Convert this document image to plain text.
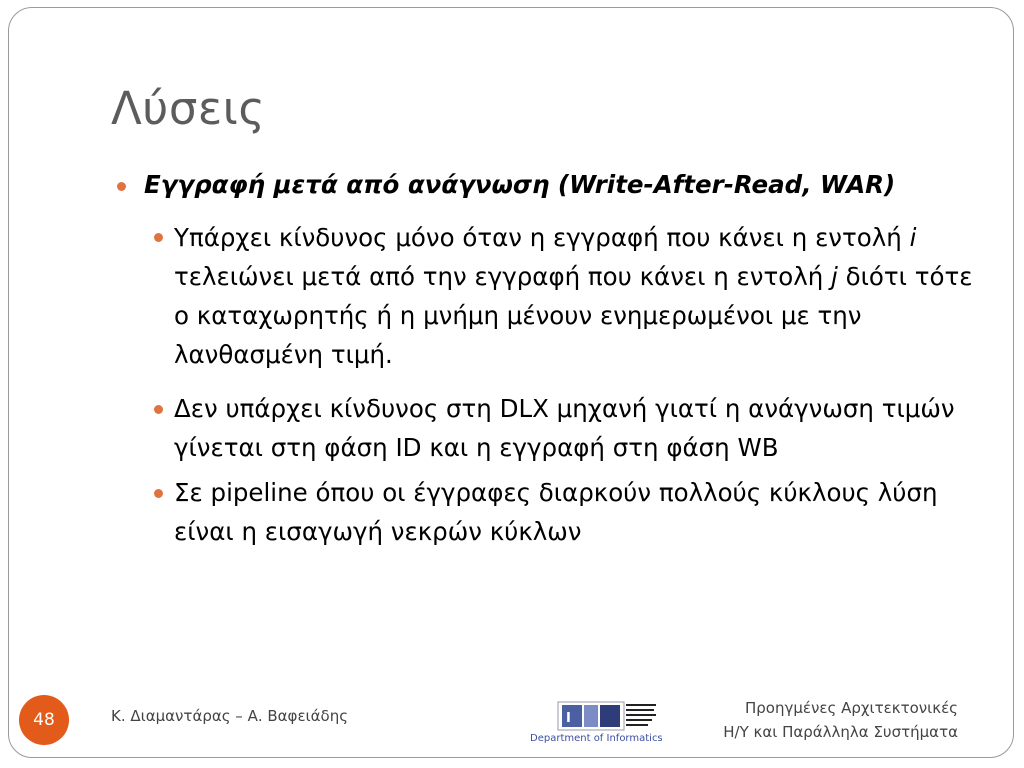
Λύσεις
Εγγραφή μετά από ανάγνωση (Write-After-Read, WAR)
Υπάρχει κίνδυνος μόνο όταν η εγγραφή που κάνει η εντολή i τελειώνει μετά από την εγγραφή που κάνει η εντολή j διότι τότε ο καταχωρητής ή η μνήμη μένουν ενημερωμένοι με την λανθασμένη τιμή.
Δεν υπάρχει κίνδυνος στη DLX μηχανή γιατί η ανάγνωση τιμών γίνεται στη φάση ID και η εγγραφή στη φάση WB
Σε pipeline όπου οι έγγραφες διαρκούν πολλούς κύκλους λύση είναι η εισαγωγή νεκρών κύκλων
48	Κ. Διαμαντάρας – Α. Βαφειάδης	I
Department of Informatics
Προηγμένες Αρχιτεκτονικές
Η/Υ και Παράλληλα Συστήματα
